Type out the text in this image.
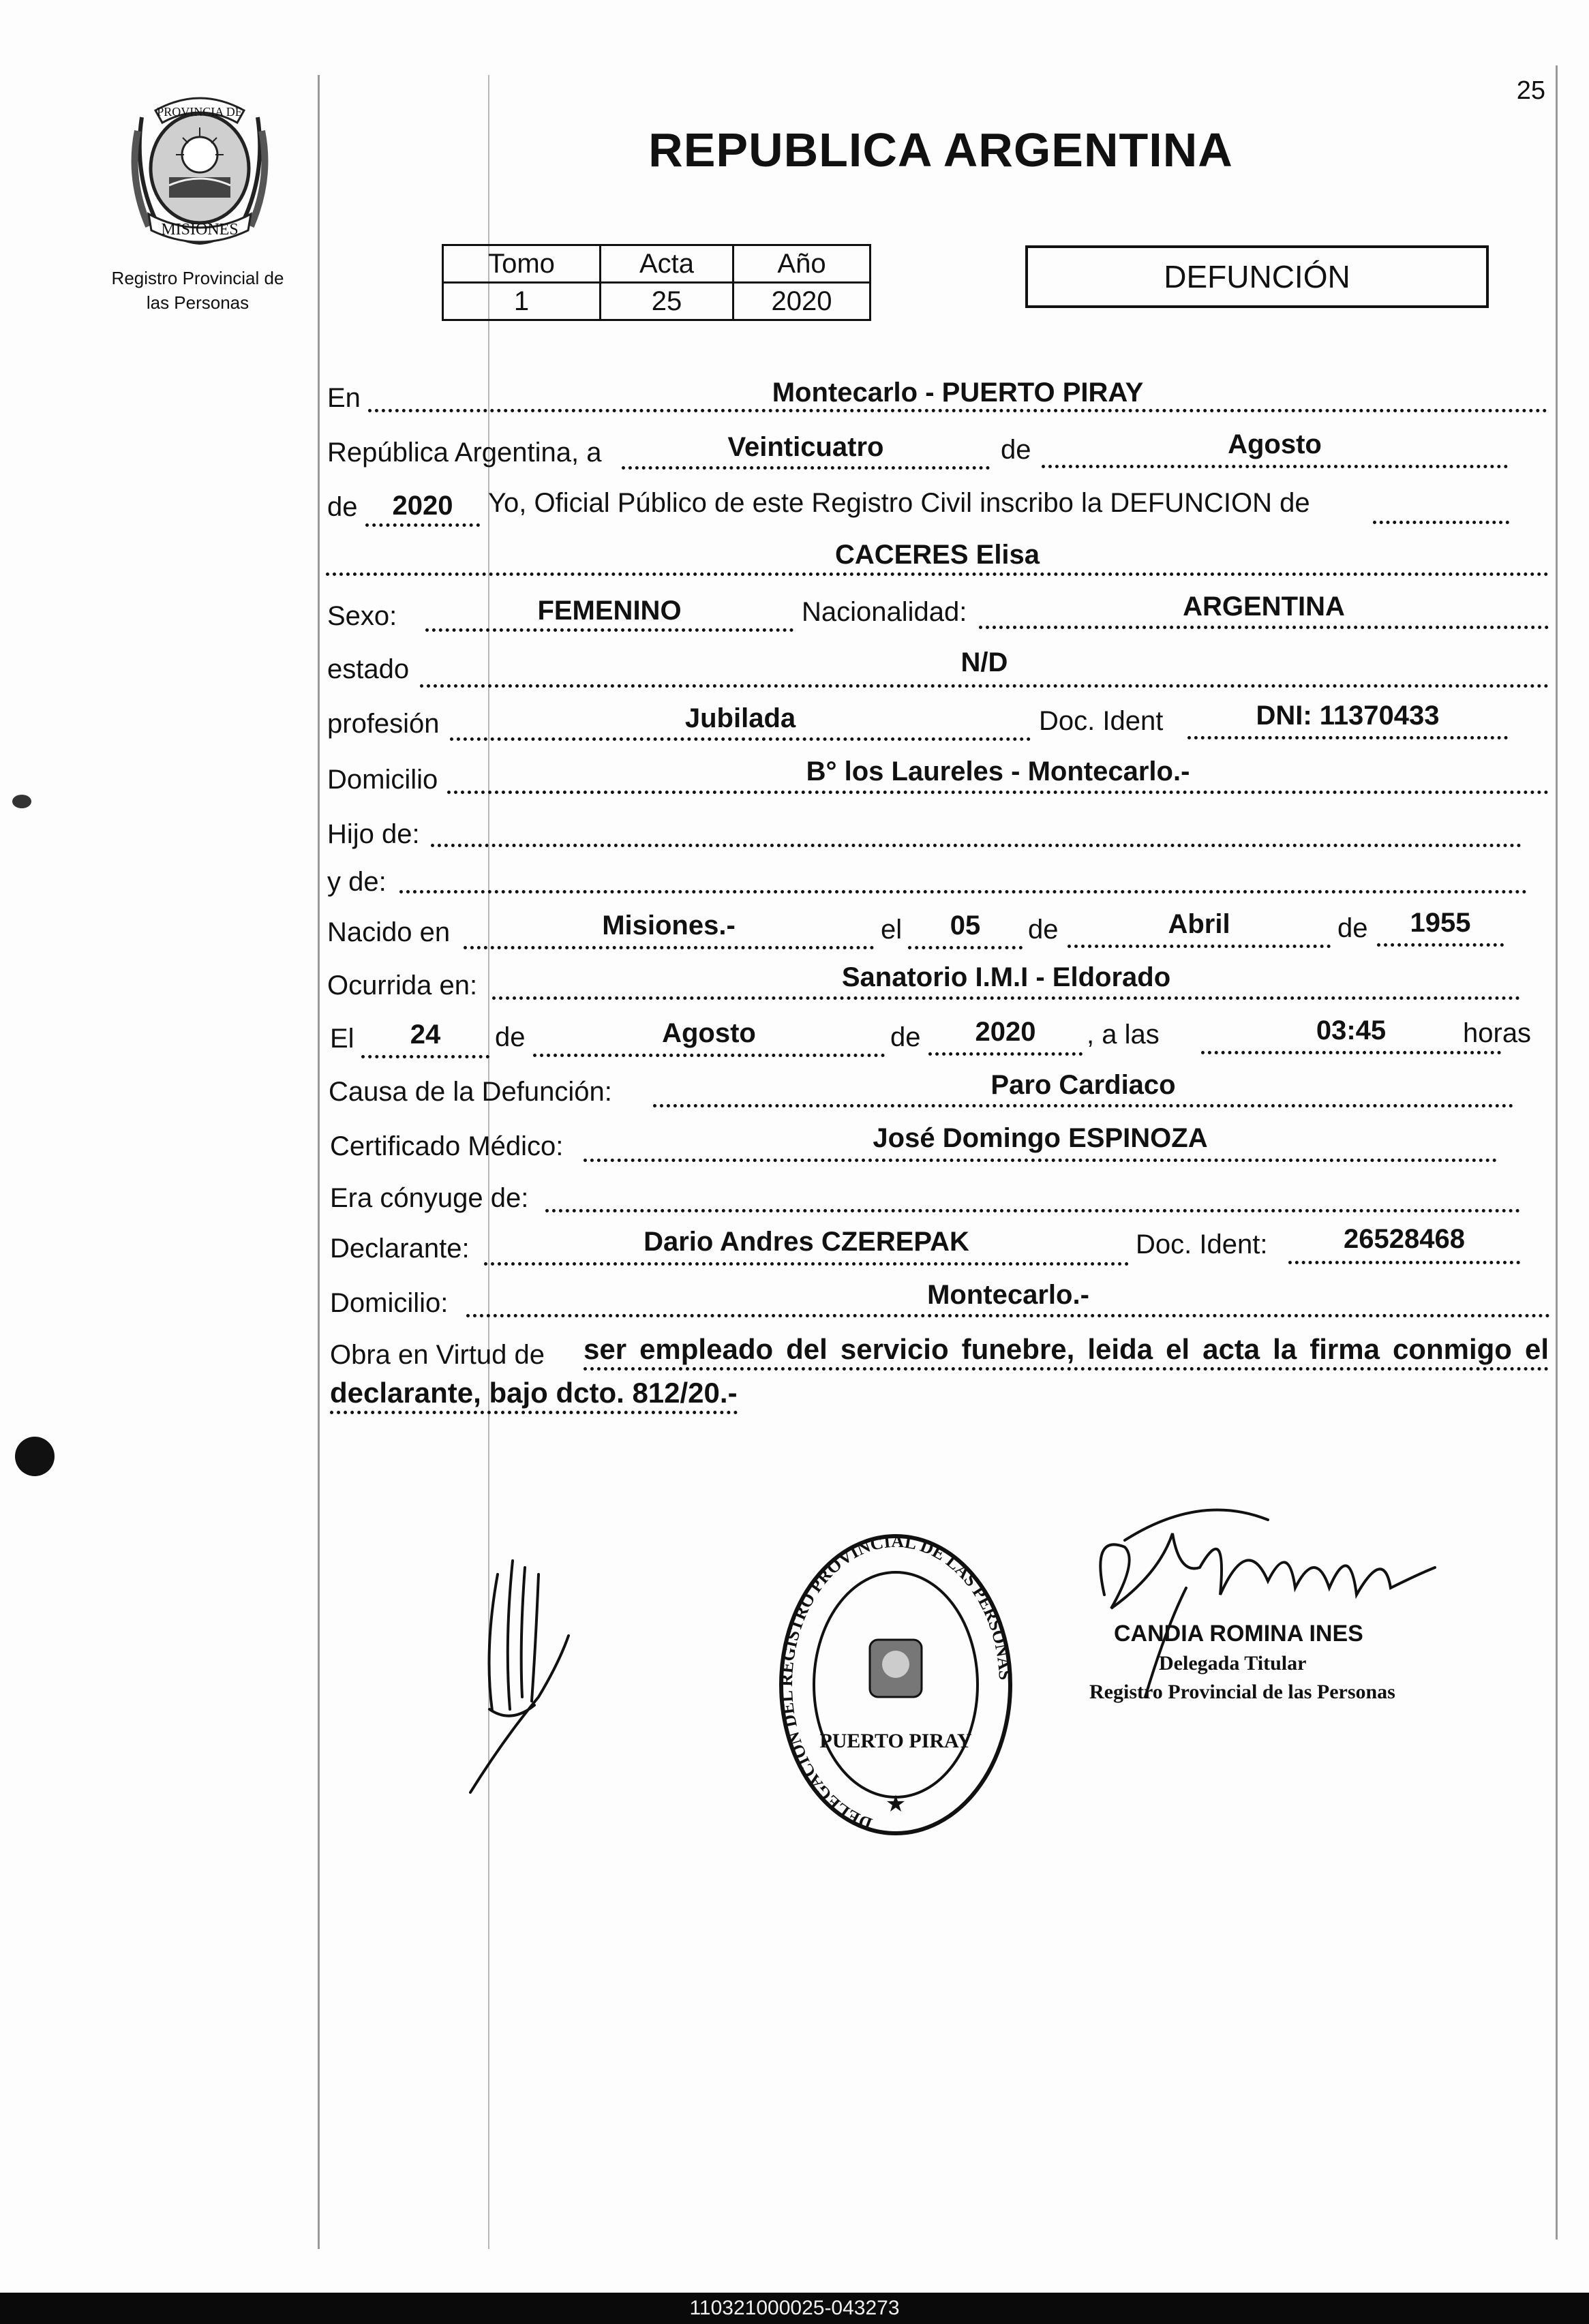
PROVINCIA DE
MISIONES
Registro Provincial de
las Personas
25
REPUBLICA ARGENTINA
Tomo	Acta	Año
1	25	2020
DEFUNCIÓN
En	Montecarlo - PUERTO PIRAY
República Argentina, a	Veinticuatro	de	Agosto
de	2020	Yo, Oficial Público de este Registro Civil inscribo la DEFUNCION de
CACERES Elisa
Sexo:	FEMENINO	Nacionalidad:	ARGENTINA
estado	N/D
profesión	Jubilada	Doc. Ident	DNI: 11370433
Domicilio	B° los Laureles - Montecarlo.-
Hijo de:
y de:
Nacido en	Misiones.-	el	05	de	Abril	de	1955
Ocurrida en:	Sanatorio I.M.I - Eldorado
El	24	de	Agosto	de	2020	, a las	03:45	horas
Causa de la Defunción:	Paro Cardiaco
Certificado Médico:	José Domingo ESPINOZA
Era cónyuge de:
Declarante:	Dario Andres CZEREPAK	Doc. Ident:	26528468
Domicilio:	Montecarlo.-
Obra en Virtud de ser empleado del servicio funebre, leida el acta la firma conmigo el
declarante, bajo dcto. 812/20.-
DELEGACION DEL REGISTRO PROVINCIAL DE LAS PERSONAS
PUERTO PIRAY
★
CANDIA ROMINA INES
Delegada Titular
Registro Provincial de las Personas
110321000025-043273
